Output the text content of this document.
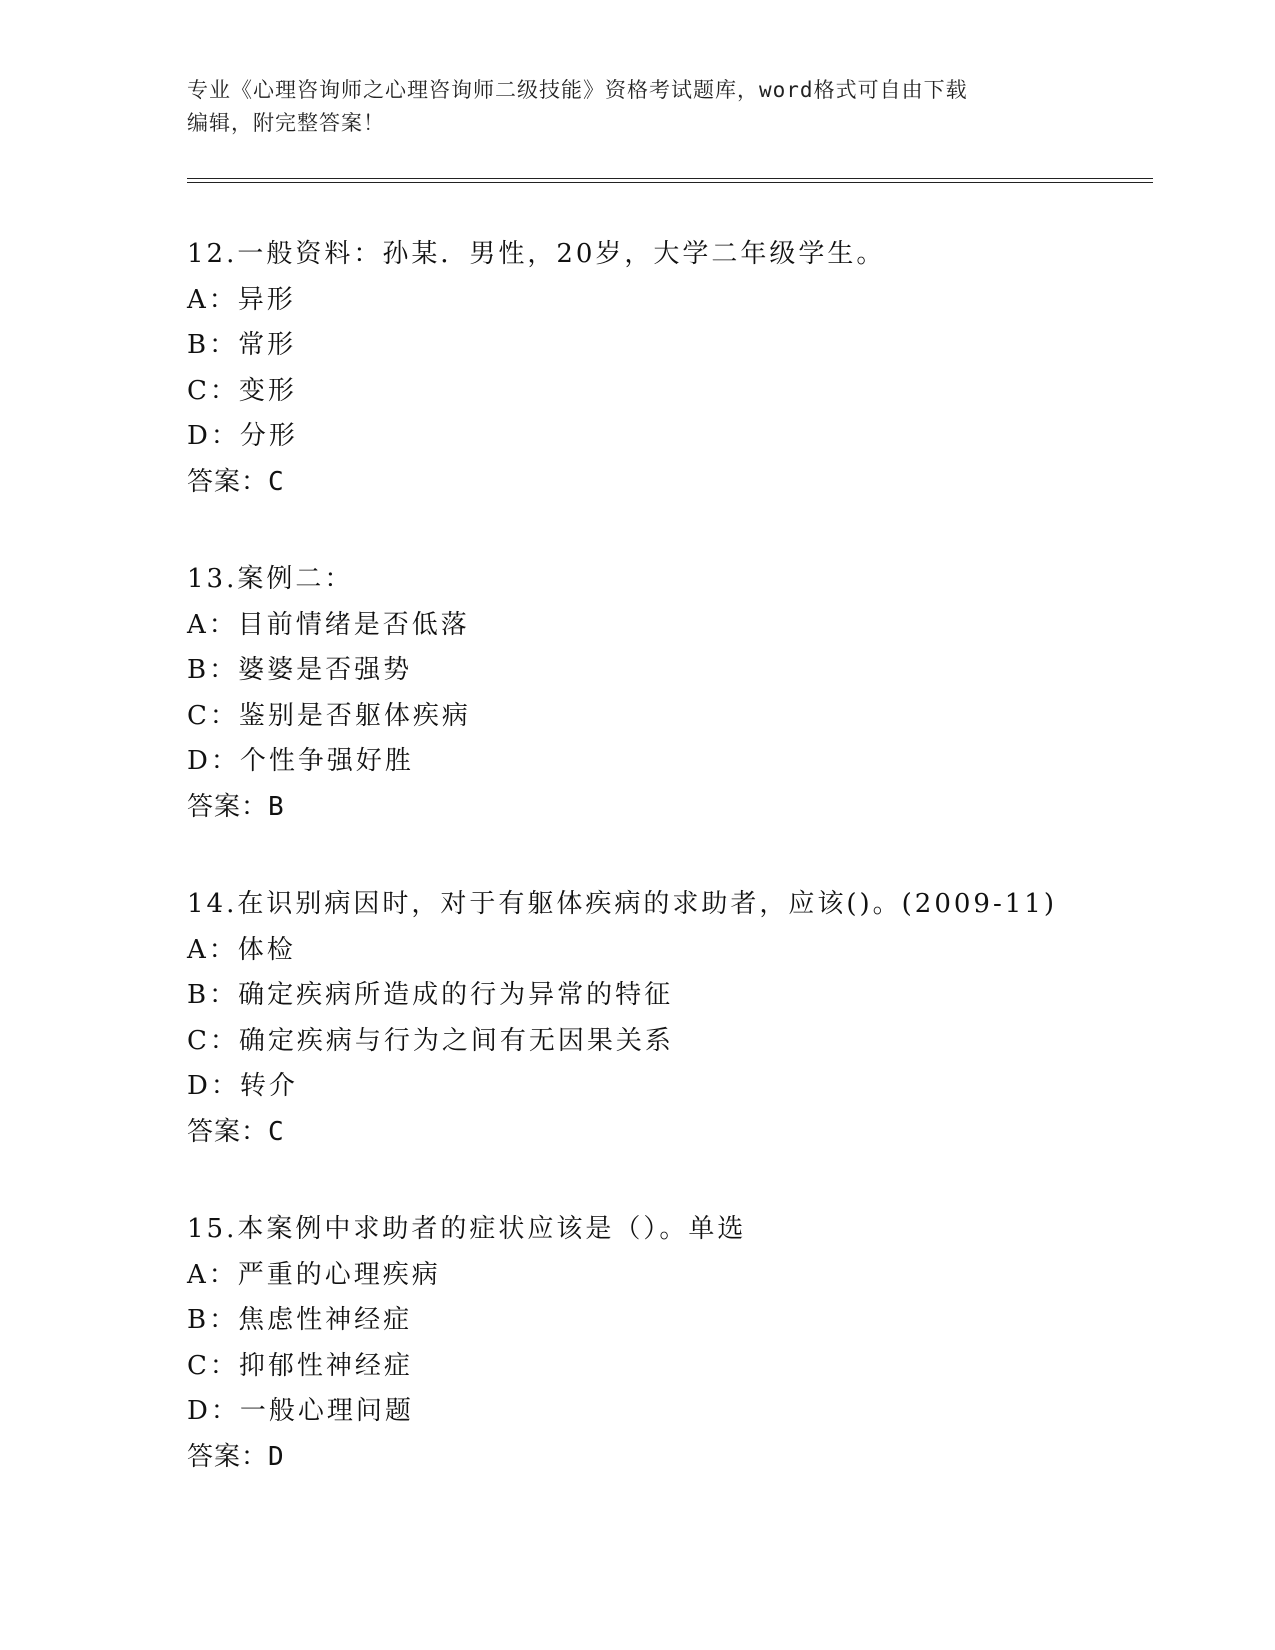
专业《心理咨询师之心理咨询师二级技能》资格考试题库，word格式可自由下载
编辑，附完整答案！
12.一般资料：孙某．男性，20岁，大学二年级学生。
A：异形
B：常形
C：变形
D：分形
答案：C
13.案例二：
A：目前情绪是否低落
B：婆婆是否强势
C：鉴别是否躯体疾病
D：个性争强好胜
答案：B
14.在识别病因时，对于有躯体疾病的求助者，应该()。(2009-11)
A：体检
B：确定疾病所造成的行为异常的特征
C：确定疾病与行为之间有无因果关系
D：转介
答案：C
15.本案例中求助者的症状应该是（）。单选
A：严重的心理疾病
B：焦虑性神经症
C：抑郁性神经症
D：一般心理问题
答案：D
